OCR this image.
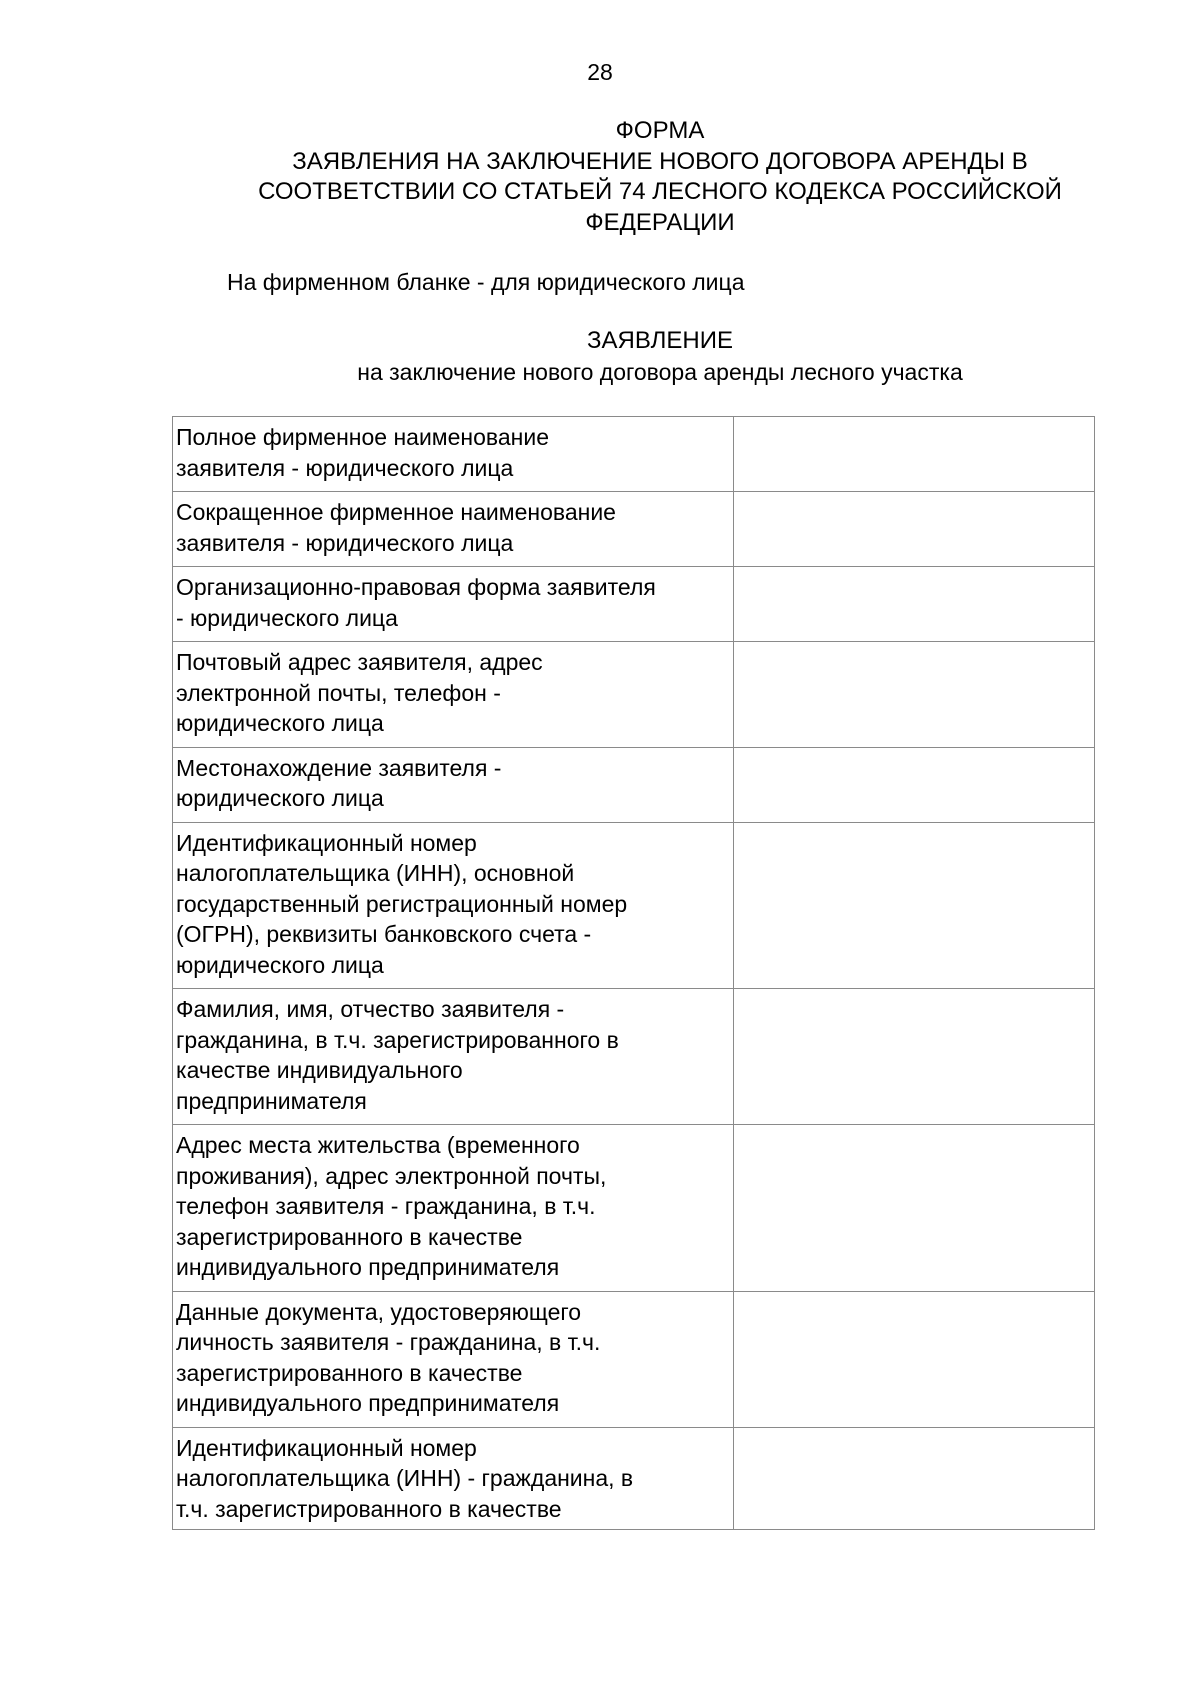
28
ФОРМА
ЗАЯВЛЕНИЯ НА ЗАКЛЮЧЕНИЕ НОВОГО ДОГОВОРА АРЕНДЫ В
СООТВЕТСТВИИ СО СТАТЬЕЙ 74 ЛЕСНОГО КОДЕКСА РОССИЙСКОЙ
ФЕДЕРАЦИИ
На фирменном бланке - для юридического лица
ЗАЯВЛЕНИЕ
на заключение нового договора аренды лесного участка
Полное фирменное наименование
заявителя - юридического лица	

Сокращенное фирменное наименование
заявителя - юридического лица	

Организационно-правовая форма заявителя
- юридического лица	

Почтовый адрес заявителя, адрес
электронной почты, телефон -
юридического лица	

Местонахождение заявителя -
юридического лица	

Идентификационный номер
налогоплательщика (ИНН), основной
государственный регистрационный номер
(ОГРН), реквизиты банковского счета -
юридического лица	

Фамилия, имя, отчество заявителя -
гражданина, в т.ч. зарегистрированного в
качестве индивидуального
предпринимателя	

Адрес места жительства (временного
проживания), адрес электронной почты,
телефон заявителя - гражданина, в т.ч.
зарегистрированного в качестве
индивидуального предпринимателя	

Данные документа, удостоверяющего
личность заявителя - гражданина, в т.ч.
зарегистрированного в качестве
индивидуального предпринимателя	

Идентификационный номер
налогоплательщика (ИНН) - гражданина, в
т.ч. зарегистрированного в качестве	
